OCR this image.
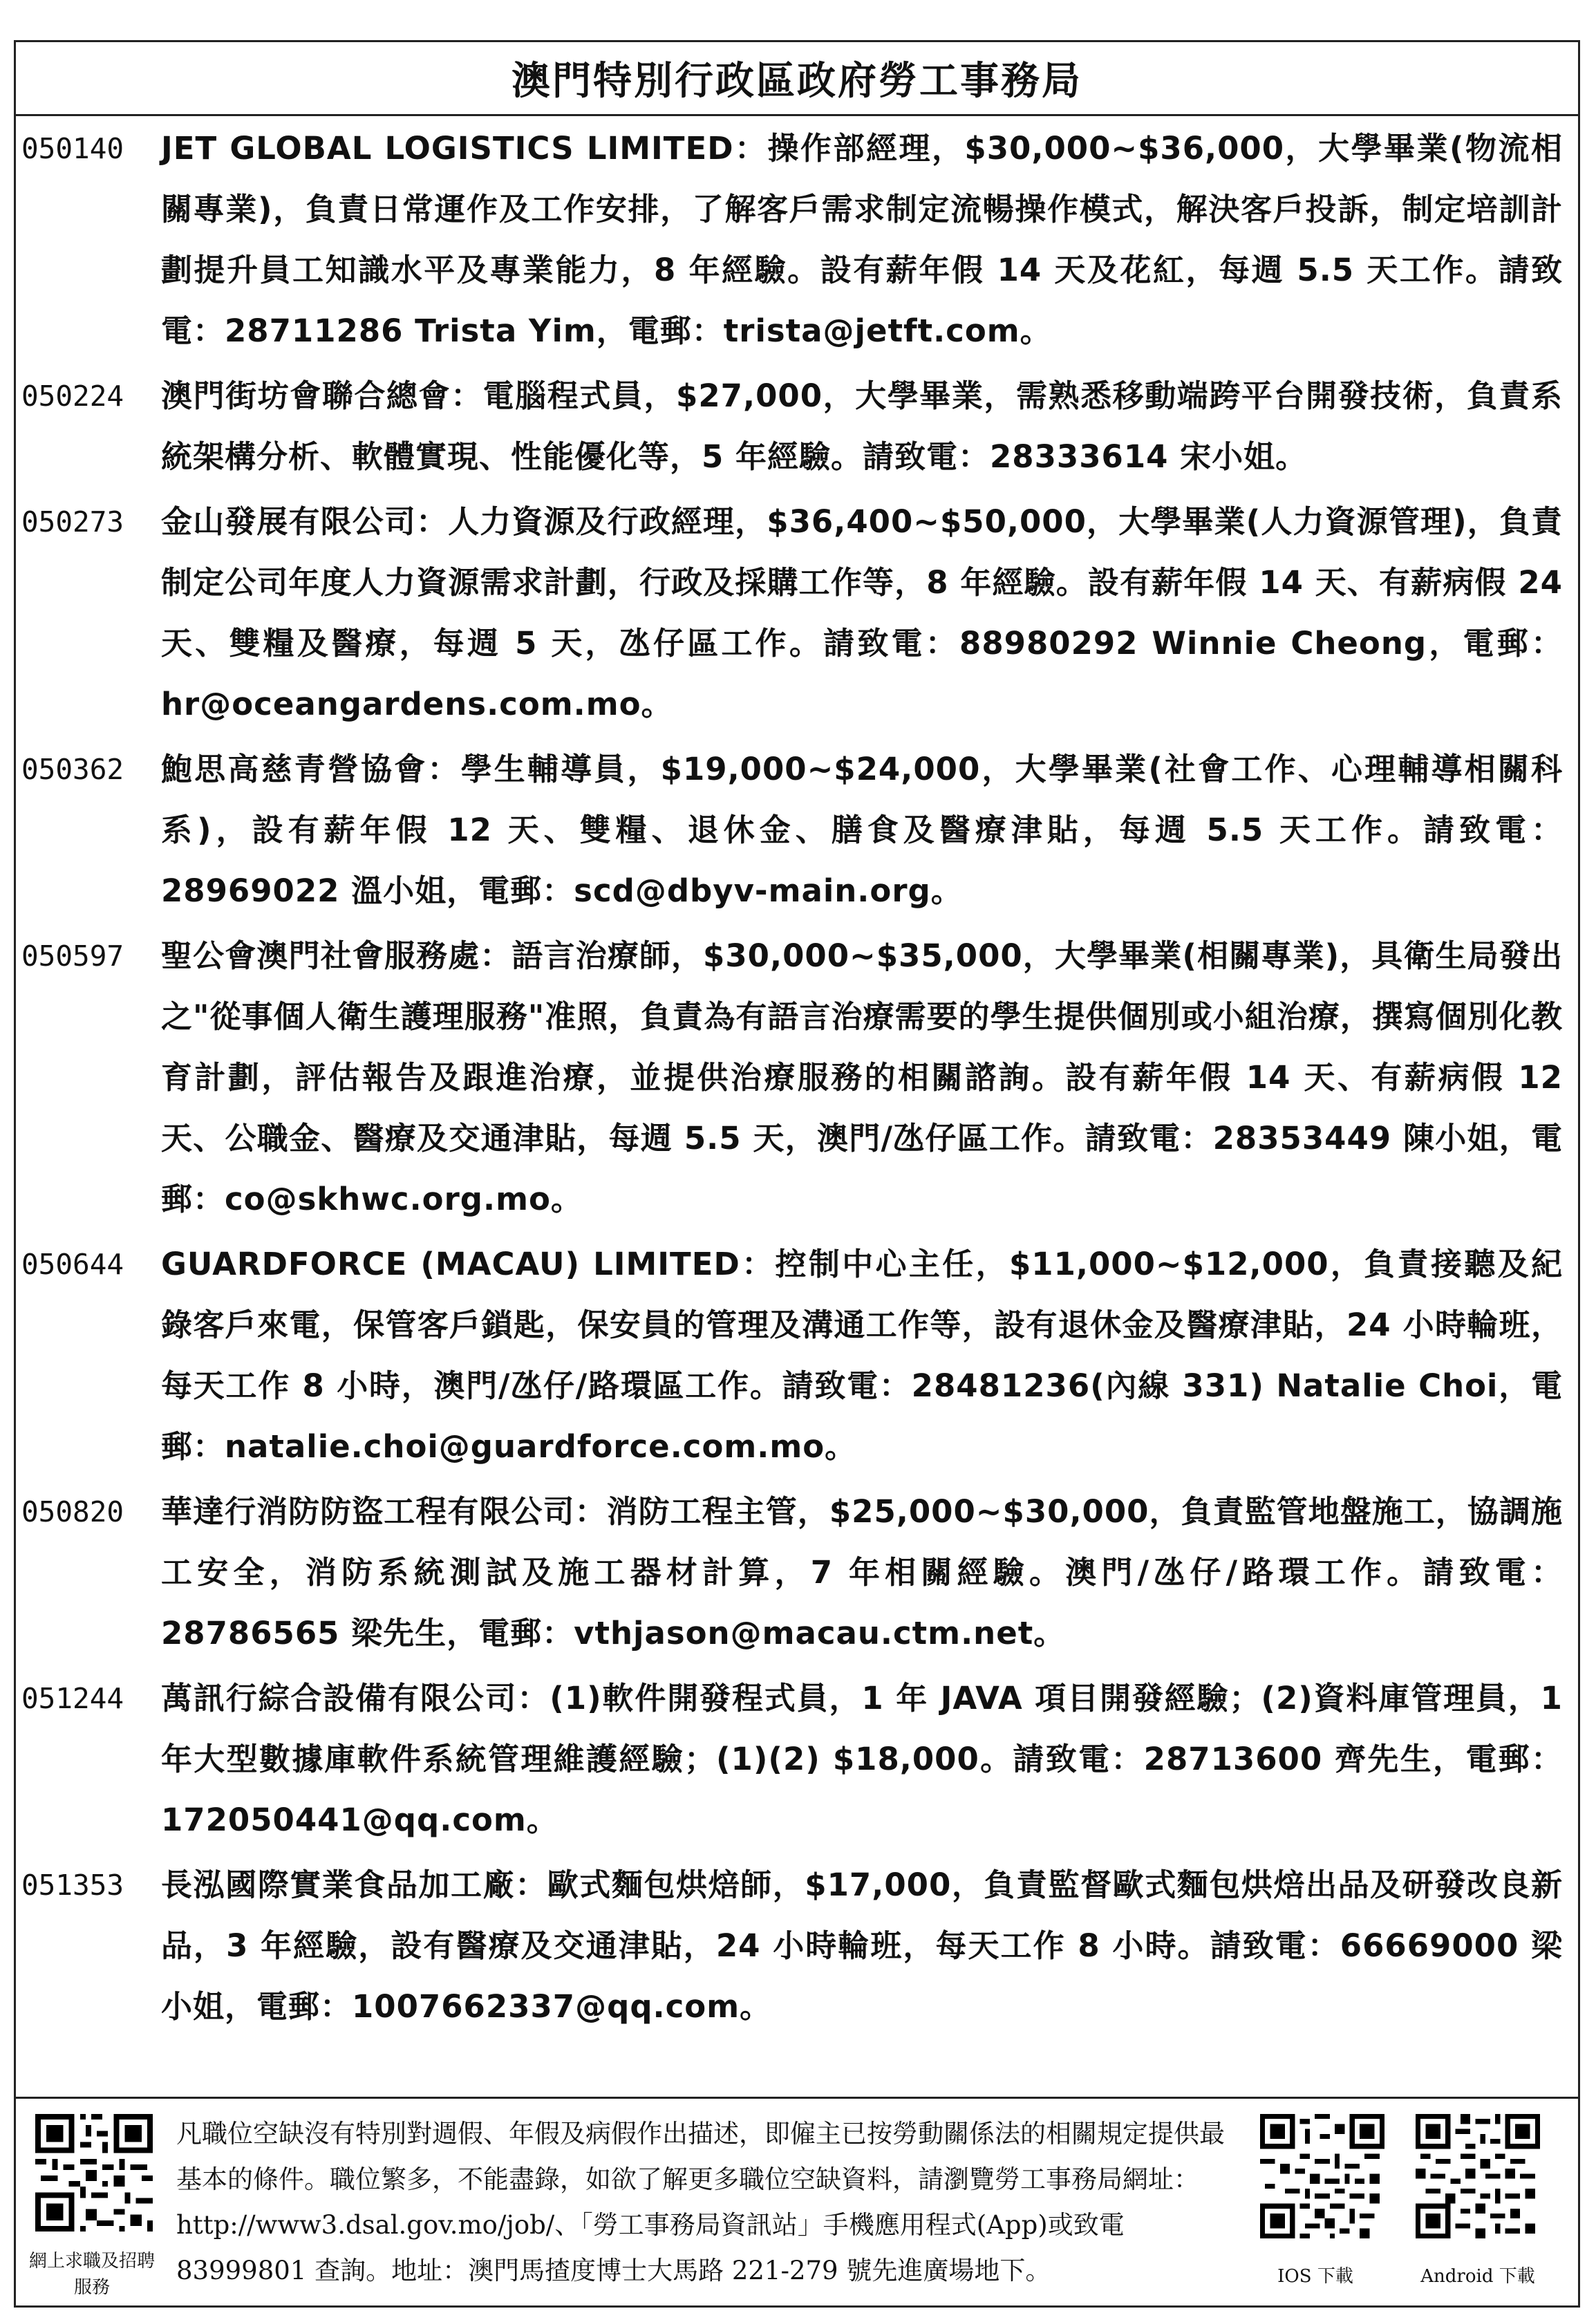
澳門特別行政區政府勞工事務局
050140	JET GLOBAL LOGISTICS LIMITED：操作部經理，$30,000~$36,000，大學畢業(物流相關專業)，負責日常運作及工作安排，了解客戶需求制定流暢操作模式，解決客戶投訴，制定培訓計劃提升員工知識水平及專業能力，8 年經驗。設有薪年假 14 天及花紅，每週 5.5 天工作。請致電：28711286 Trista Yim，電郵：trista@jetft.com。
050224	澳門街坊會聯合總會：電腦程式員，$27,000，大學畢業，需熟悉移動端跨平台開發技術，負責系統架構分析、軟體實現、性能優化等，5 年經驗。請致電：28333614 宋小姐。
050273	金山發展有限公司：人力資源及行政經理，$36,400~$50,000，大學畢業(人力資源管理)，負責制定公司年度人力資源需求計劃，行政及採購工作等，8 年經驗。設有薪年假 14 天、有薪病假 24 天、雙糧及醫療，每週 5 天，氹仔區工作。請致電：88980292 Winnie Cheong，電郵：hr@oceangardens.com.mo。
050362	鮑思高慈青營協會：學生輔導員，$19,000~$24,000，大學畢業(社會工作、心理輔導相關科系)，設有薪年假 12 天、雙糧、退休金、膳食及醫療津貼，每週 5.5 天工作。請致電：28969022 溫小姐，電郵：scd@dbyv-main.org。
050597	聖公會澳門社會服務處：語言治療師，$30,000~$35,000，大學畢業(相關專業)，具衛生局發出之"從事個人衛生護理服務"准照，負責為有語言治療需要的學生提供個別或小組治療，撰寫個別化教育計劃，評估報告及跟進治療，並提供治療服務的相關諮詢。設有薪年假 14 天、有薪病假 12 天、公職金、醫療及交通津貼，每週 5.5 天，澳門/氹仔區工作。請致電：28353449 陳小姐，電郵：co@skhwc.org.mo。
050644	GUARDFORCE (MACAU) LIMITED：控制中心主任，$11,000~$12,000，負責接聽及紀錄客戶來電，保管客戶鎖匙，保安員的管理及溝通工作等，設有退休金及醫療津貼，24 小時輪班，每天工作 8 小時，澳門/氹仔/路環區工作。請致電：28481236(內線 331) Natalie Choi，電郵：natalie.choi@guardforce.com.mo。
050820	華達行消防防盜工程有限公司：消防工程主管，$25,000~$30,000，負責監管地盤施工，協調施工安全，消防系統測試及施工器材計算，7 年相關經驗。澳門/氹仔/路環工作。請致電：28786565 梁先生，電郵：vthjason@macau.ctm.net。
051244	萬訊行綜合設備有限公司：(1)軟件開發程式員，1 年 JAVA 項目開發經驗；(2)資料庫管理員，1 年大型數據庫軟件系統管理維護經驗；(1)(2) $18,000。請致電：28713600 齊先生，電郵：172050441@qq.com。
051353	長泓國際實業食品加工廠：歐式麵包烘焙師，$17,000，負責監督歐式麵包烘焙出品及研發改良新品，3 年經驗，設有醫療及交通津貼，24 小時輪班，每天工作 8 小時。請致電：66669000 梁小姐，電郵：1007662337@qq.com。
網上求職及招聘服務
凡職位空缺沒有特別對週假、年假及病假作出描述，即僱主已按勞動關係法的相關規定提供最基本的條件。職位繁多，不能盡錄，如欲了解更多職位空缺資料，請瀏覽勞工事務局網址：http://www3.dsal.gov.mo/job/、「勞工事務局資訊站」手機應用程式(App)或致電 83999801 查詢。地址：澳門馬揸度博士大馬路 221-279 號先進廣場地下。	IOS 下載	Android 下載
